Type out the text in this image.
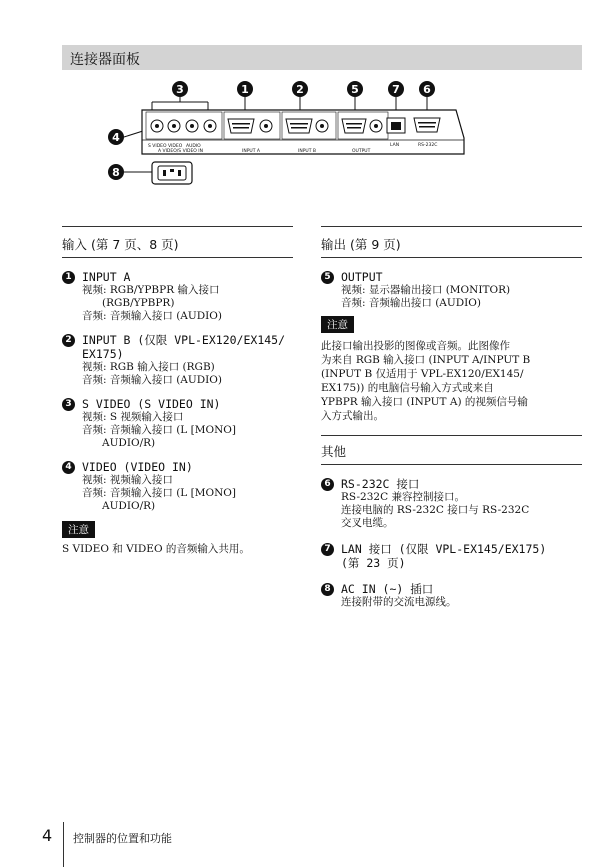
连接器面板
3	1	2	5	7 6
4
8
S VIDEO VIDEO AUDIO
A VIDEO/S VIDEO IN	INPUT A	INPUT B	OUTPUT
LAN	RS-232C
输入 (第 7 页、8 页)
1 INPUT A
视频: RGB/YPBPR 输入接口
(RGB/YPBPR)
音频: 音频输入接口 (AUDIO)
2 INPUT B (仅限 VPL-EX120/EX145/
EX175)
视频: RGB 输入接口 (RGB)
音频: 音频输入接口 (AUDIO)
3 S VIDEO (S VIDEO IN)
视频: S 视频输入接口
音频: 音频输入接口 (L [MONO]
AUDIO/R)
4 VIDEO (VIDEO IN)
视频: 视频输入接口
音频: 音频输入接口 (L [MONO]
AUDIO/R)
注意
S VIDEO 和 VIDEO 的音频输入共用。
输出 (第 9 页)
5 OUTPUT
视频: 显示器输出接口 (MONITOR)
音频: 音频输出接口 (AUDIO)
注意
此接口输出投影的图像或音频。此图像作
为来自 RGB 输入接口 (INPUT A/INPUT B
(INPUT B 仅适用于 VPL-EX120/EX145/
EX175)) 的电脑信号输入方式或来自
YPBPR 输入接口 (INPUT A) 的视频信号输
入方式输出。
其他
6 RS-232C 接口
RS-232C 兼容控制接口。
连接电脑的 RS-232C 接口与 RS-232C
交叉电缆。
7 LAN 接口 (仅限 VPL-EX145/EX175)
(第 23 页)
8 AC IN (~) 插口
连接附带的交流电源线。
4 控制器的位置和功能
